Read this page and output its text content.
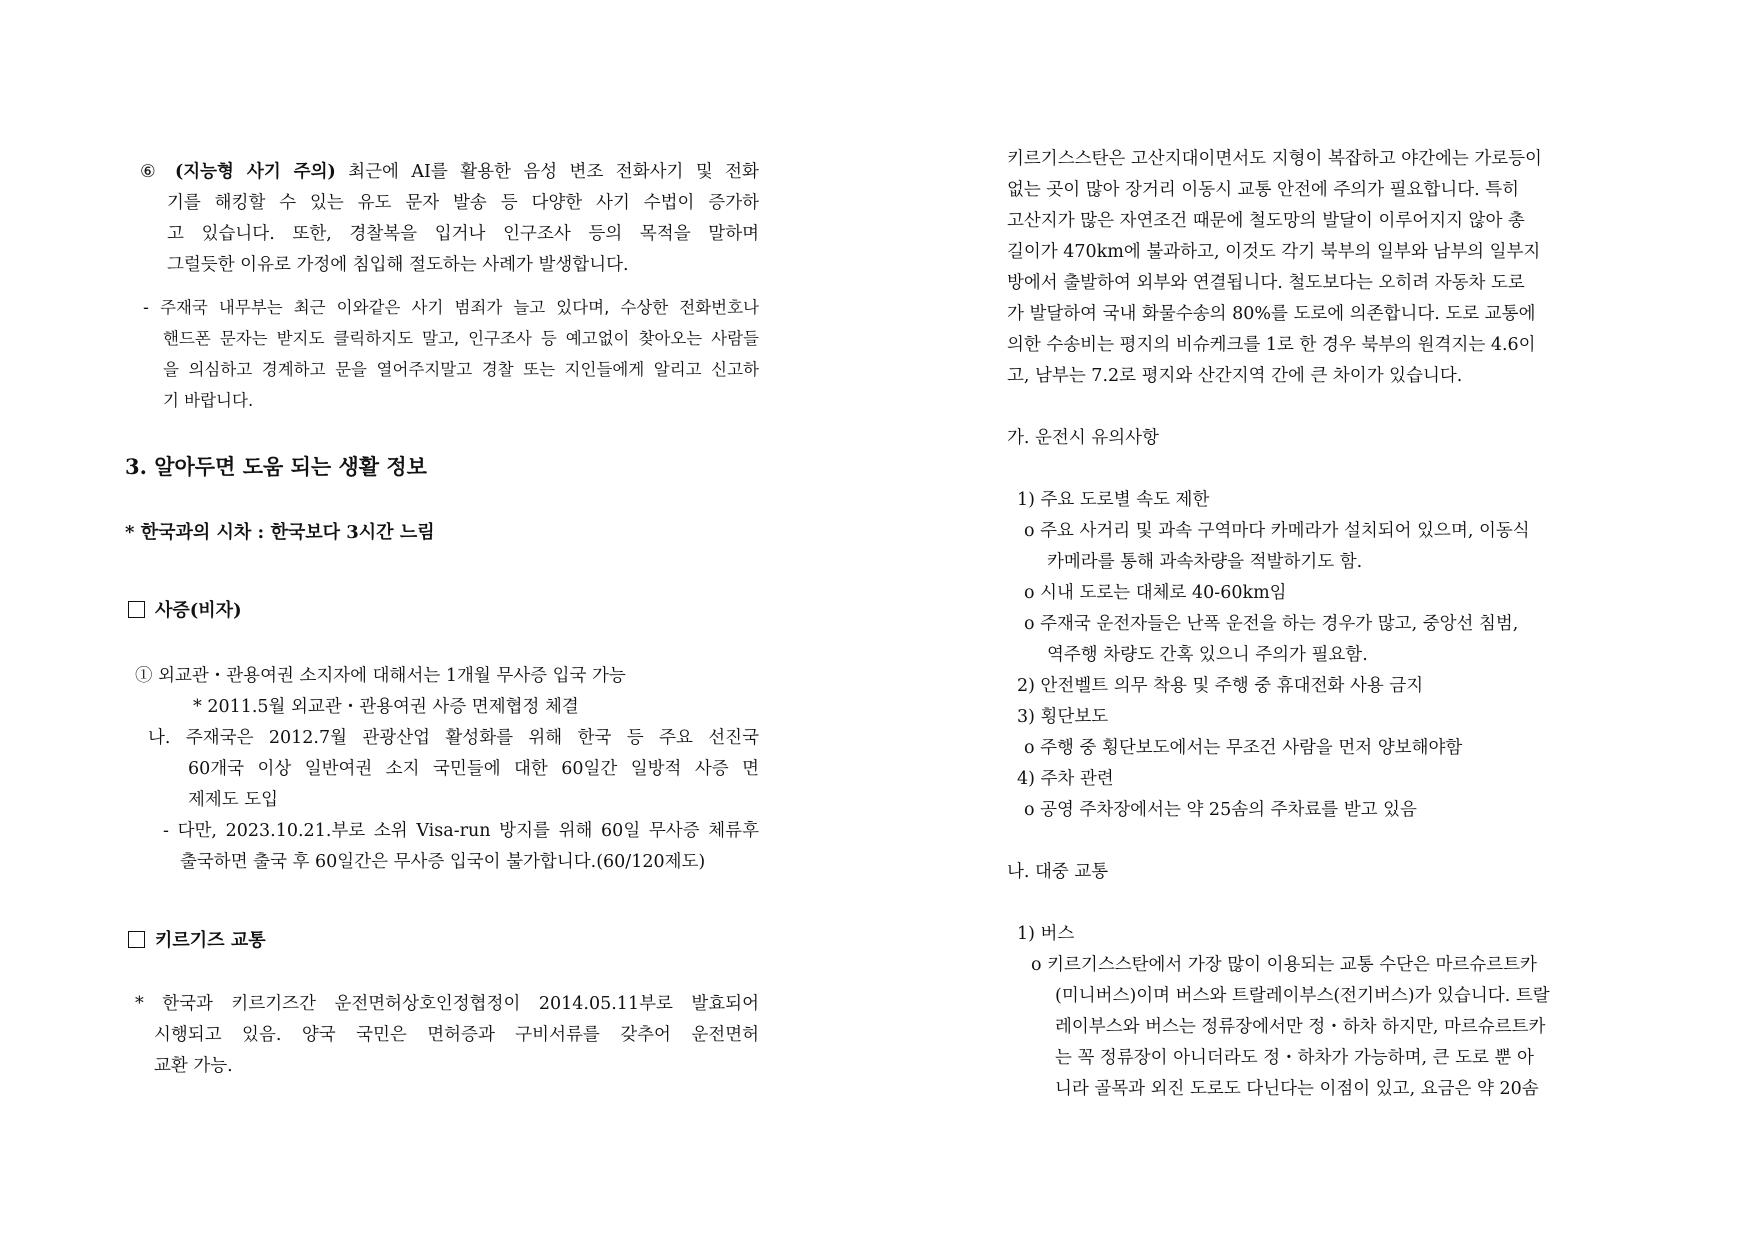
⑥ (지능형 사기 주의) 최근에 AI를 활용한 음성 변조 전화사기 및 전화
기를 해킹할 수 있는 유도 문자 발송 등 다양한 사기 수법이 증가하
고 있습니다. 또한, 경찰복을 입거나 인구조사 등의 목적을 말하며
그럴듯한 이유로 가정에 침입해 절도하는 사례가 발생합니다.
- 주재국 내무부는 최근 이와같은 사기 범죄가 늘고 있다며, 수상한 전화번호나
핸드폰 문자는 받지도 클릭하지도 말고, 인구조사 등 예고없이 찾아오는 사람들
을 의심하고 경계하고 문을 열어주지말고 경찰 또는 지인들에게 알리고 신고하
기 바랍니다.
3. 알아두면 도움 되는 생활 정보
* 한국과의 시차 : 한국보다 3시간 느림
사증(비자)
① 외교관・관용여권 소지자에 대해서는 1개월 무사증 입국 가능
* 2011.5월 외교관・관용여권 사증 면제협정 체결
나. 주재국은 2012.7월 관광산업 활성화를 위해 한국 등 주요 선진국
60개국 이상 일반여권 소지 국민들에 대한 60일간 일방적 사증 면
제제도 도입
- 다만, 2023.10.21.부로 소위 Visa-run 방지를 위해 60일 무사증 체류후
출국하면 출국 후 60일간은 무사증 입국이 불가합니다.(60/120제도)
키르기즈 교통
* 한국과 키르기즈간 운전면허상호인정협정이 2014.05.11부로 발효되어
시행되고 있음. 양국 국민은 면허증과 구비서류를 갖추어 운전면허
교환 가능.
키르기스스탄은 고산지대이면서도 지형이 복잡하고 야간에는 가로등이
없는 곳이 많아 장거리 이동시 교통 안전에 주의가 필요합니다. 특히
고산지가 많은 자연조건 때문에 철도망의 발달이 이루어지지 않아 총
길이가 470km에 불과하고, 이것도 각기 북부의 일부와 남부의 일부지
방에서 출발하여 외부와 연결됩니다. 철도보다는 오히려 자동차 도로
가 발달하여 국내 화물수송의 80%를 도로에 의존합니다. 도로 교통에
의한 수송비는 평지의 비슈케크를 1로 한 경우 북부의 원격지는 4.6이
고, 남부는 7.2로 평지와 산간지역 간에 큰 차이가 있습니다.
가. 운전시 유의사항
1) 주요 도로별 속도 제한
o 주요 사거리 및 과속 구역마다 카메라가 설치되어 있으며, 이동식
카메라를 통해 과속차량을 적발하기도 함.
o 시내 도로는 대체로 40-60km임
o 주재국 운전자들은 난폭 운전을 하는 경우가 많고, 중앙선 침범,
역주행 차량도 간혹 있으니 주의가 필요함.
2) 안전벨트 의무 착용 및 주행 중 휴대전화 사용 금지
3) 횡단보도
o 주행 중 횡단보도에서는 무조건 사람을 먼저 양보해야함
4) 주차 관련
o 공영 주차장에서는 약 25솜의 주차료를 받고 있음
나. 대중 교통
1) 버스
o 키르기스스탄에서 가장 많이 이용되는 교통 수단은 마르슈르트카
(미니버스)이며 버스와 트랄레이부스(전기버스)가 있습니다. 트랄
레이부스와 버스는 정류장에서만 정・하차 하지만, 마르슈르트카
는 꼭 정류장이 아니더라도 정・하차가 가능하며, 큰 도로 뿐 아
니라 골목과 외진 도로도 다닌다는 이점이 있고, 요금은 약 20솜
